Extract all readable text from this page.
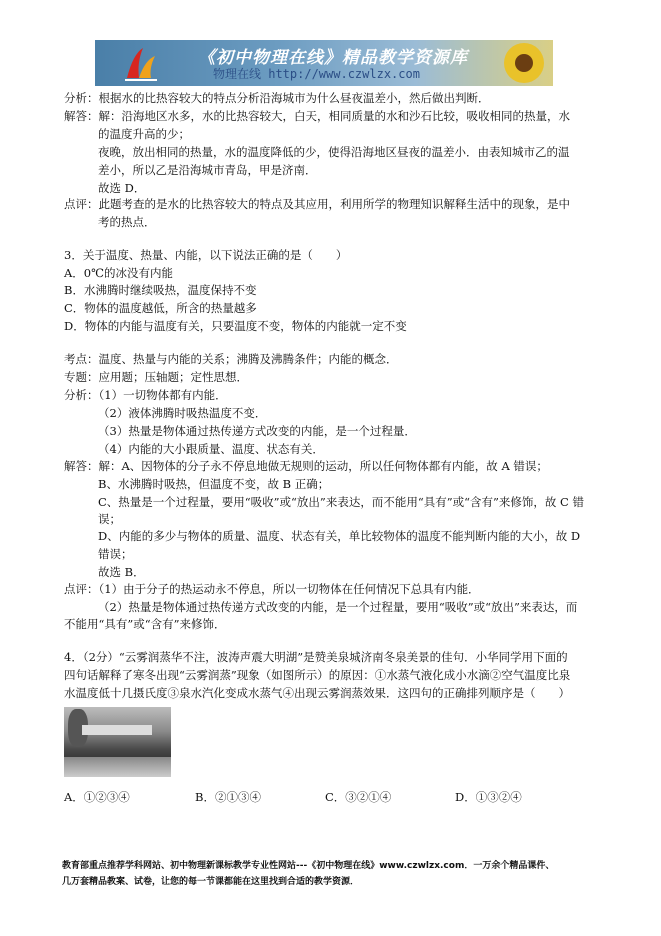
《初中物理在线》精品教学资源库
物理在线 http://www.czwlzx.com
分析：根据水的比热容较大的特点分析沿海城市为什么昼夜温差小，然后做出判断．
解答：解：沿海地区水多，水的比热容较大，白天，相同质量的水和沙石比较，吸收相同的热量，水
的温度升高的少；
夜晚，放出相同的热量，水的温度降低的少，使得沿海地区昼夜的温差小．由表知城市乙的温
差小，所以乙是沿海城市青岛，甲是济南．
故选 D．
点评：此题考查的是水的比热容较大的特点及其应用，利用所学的物理知识解释生活中的现象，是中
考的热点．
3．关于温度、热量、内能，以下说法正确的是（　　）
A．0℃的冰没有内能
B．水沸腾时继续吸热，温度保持不变
C．物体的温度越低，所含的热量越多
D．物体的内能与温度有关，只要温度不变，物体的内能就一定不变
考点：温度、热量与内能的关系；沸腾及沸腾条件；内能的概念．
专题：应用题；压轴题；定性思想．
分析：（1）一切物体都有内能．
（2）液体沸腾时吸热温度不变．
（3）热量是物体通过热传递方式改变的内能，是一个过程量．
（4）内能的大小跟质量、温度、状态有关．
解答：解：A、因物体的分子永不停息地做无规则的运动，所以任何物体都有内能，故 A 错误；
B、水沸腾时吸热，但温度不变，故 B 正确；
C、热量是一个过程量，要用“吸收”或“放出”来表达，而不能用“具有”或“含有”来修饰，故 C 错
误；
D、内能的多少与物体的质量、温度、状态有关，单比较物体的温度不能判断内能的大小，故 D
错误；
故选 B．
点评：（1）由于分子的热运动永不停息，所以一切物体在任何情况下总具有内能．
（2）热量是物体通过热传递方式改变的内能，是一个过程量，要用“吸收”或“放出”来表达，而
不能用“具有”或“含有”来修饰．
4．（2分）“云雾润蒸华不注，波涛声震大明湖”是赞美泉城济南冬泉美景的佳句．小华同学用下面的
四句话解释了寒冬出现“云雾润蒸”现象（如图所示）的原因：①水蒸气液化成小水滴②空气温度比泉
水温度低十几摄氏度③泉水汽化变成水蒸气④出现云雾润蒸效果．这四句的正确排列顺序是（　　）
A．①②③④	B．②①③④	C．③②①④	D．①③②④
教育部重点推荐学科网站、初中物理新课标教学专业性网站---《初中物理在线》www.czwlzx.com．一万余个精品课件、
几万套精品教案、试卷，让您的每一节课都能在这里找到合适的教学资源．
